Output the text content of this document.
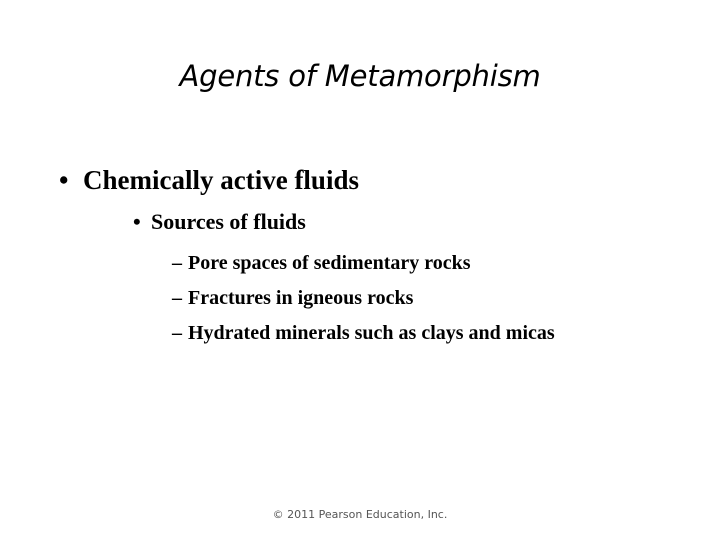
Agents of Metamorphism
• Chemically active fluids
• Sources of fluids
– Pore spaces of sedimentary rocks
– Fractures in igneous rocks
– Hydrated minerals such as clays and micas
© 2011 Pearson Education, Inc.
